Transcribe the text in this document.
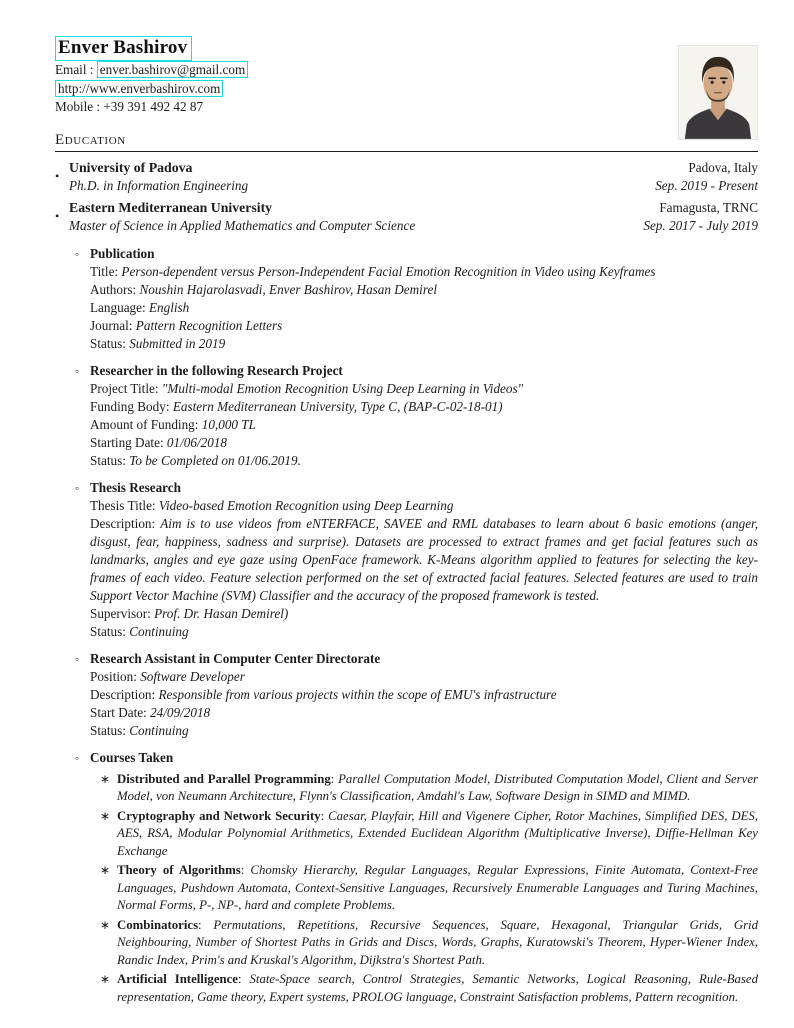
Enver Bashirov
Email : enver.bashirov@gmail.com
http://www.enverbashirov.com
Mobile : +39 391 492 42 87
Education
•
University of Padova	Padova, Italy
Ph.D. in Information Engineering	Sep. 2019 - Present
•
Eastern Mediterranean University	Famagusta, TRNC
Master of Science in Applied Mathematics and Computer Science	Sep. 2017 - July 2019
◦ Publication

Title: Person-dependent versus Person-Independent Facial Emotion Recognition in Video using Keyframes

Authors: Noushin Hajarolasvadi, Enver Bashirov, Hasan Demirel

Language: English

Journal: Pattern Recognition Letters

Status: Submitted in 2019

◦ Researcher in the following Research Project

Project Title: "Multi-modal Emotion Recognition Using Deep Learning in Videos"

Funding Body: Eastern Mediterranean University, Type C, (BAP-C-02-18-01)

Amount of Funding: 10,000 TL

Starting Date: 01/06/2018

Status: To be Completed on 01/06.2019.

◦ Thesis Research

Thesis Title: Video-based Emotion Recognition using Deep Learning

Description: Aim is to use videos from eNTERFACE, SAVEE and RML databases to learn about 6 basic emotions (anger, disgust, fear, happiness, sadness and surprise). Datasets are processed to extract frames and get facial features such as landmarks, angles and eye gaze using OpenFace framework. K-Means algorithm applied to features for selecting the key-frames of each video. Feature selection performed on the set of extracted facial features. Selected features are used to train Support Vector Machine (SVM) Classifier and the accuracy of the proposed framework is tested.

Supervisor: Prof. Dr. Hasan Demirel)

Status: Continuing

◦ Research Assistant in Computer Center Directorate

Position: Software Developer

Description: Responsible from various projects within the scope of EMU's infrastructure

Start Date: 24/09/2018

Status: Continuing

◦ Courses Taken
∗ Distributed and Parallel Programming: Parallel Computation Model, Distributed Computation Model, Client and Server Model, von Neumann Architecture, Flynn's Classification, Amdahl's Law, Software Design in SIMD and MIMD.
∗ Cryptography and Network Security: Caesar, Playfair, Hill and Vigenere Cipher, Rotor Machines, Simplified DES, DES, AES, RSA, Modular Polynomial Arithmetics, Extended Euclidean Algorithm (Multiplicative Inverse), Diffie-Hellman Key Exchange
∗ Theory of Algorithms: Chomsky Hierarchy, Regular Languages, Regular Expressions, Finite Automata, Context-Free Languages, Pushdown Automata, Context-Sensitive Languages, Recursively Enumerable Languages and Turing Machines, Normal Forms, P-, NP-, hard and complete Problems.
∗ Combinatorics: Permutations, Repetitions, Recursive Sequences, Square, Hexagonal, Triangular Grids, Grid Neighbouring, Number of Shortest Paths in Grids and Discs, Words, Graphs, Kuratowski's Theorem, Hyper-Wiener Index, Randic Index, Prim's and Kruskal's Algorithm, Dijkstra's Shortest Path.
∗ Artificial Intelligence: State-Space search, Control Strategies, Semantic Networks, Logical Reasoning, Rule-Based representation, Game theory, Expert systems, PROLOG language, Constraint Satisfaction problems, Pattern recognition.
